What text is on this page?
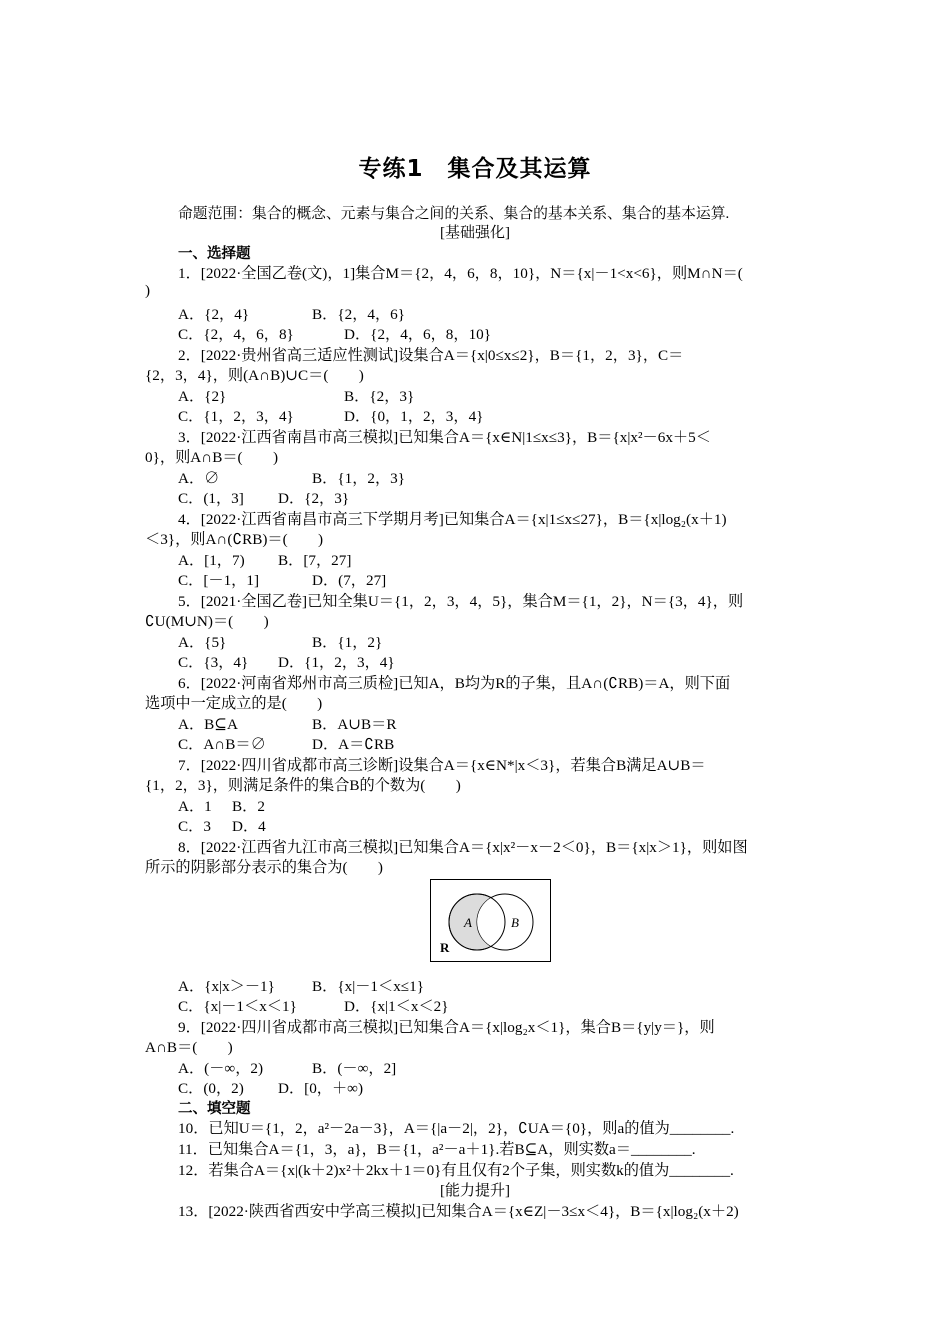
专练1　集合及其运算
命题范围：集合的概念、元素与集合之间的关系、集合的基本关系、集合的基本运算.
[基础强化]
一、选择题
1．[2022·全国乙卷(文)，1]集合M＝{2，4，6，8，10}，N＝{x|－1<x<6}，则M∩N＝(
)
A．{2，4}	B．{2，4，6}
C．{2，4，6，8}	D．{2，4，6，8，10}
2．[2022·贵州省高三适应性测试]设集合A＝{x|0≤x≤2}，B＝{1，2，3}，C＝
{2，3，4}，则(A∩B)∪C＝(　　)
A．{2}	B．{2，3}
C．{1，2，3，4}	D．{0，1，2，3，4}
3．[2022·江西省南昌市高三模拟]已知集合A＝{x∈N|1≤x≤3}，B＝{x|x²－6x＋5＜
0}，则A∩B＝(　　)
A．∅	B．{1，2，3}
C．(1，3] D．{2，3}
4．[2022·江西省南昌市高三下学期月考]已知集合A＝{x|1≤x≤27}，B＝{x|log₂(x＋1)
＜3}，则A∩(∁RB)＝(　　)
A．[1，7) B．[7，27]
C．[－1，1]	D．(7，27]
5．[2021·全国乙卷]已知全集U＝{1，2，3，4，5}，集合M＝{1，2}，N＝{3，4}，则
∁U(M∪N)＝(　　)
A．{5}	B．{1，2}
C．{3，4} D．{1，2，3，4}
6．[2022·河南省郑州市高三质检]已知A，B均为R的子集，且A∩(∁RB)＝A，则下面
选项中一定成立的是(　　)
A．B⊆A	B．A∪B＝R
C．A∩B＝∅	D．A＝∁RB
7．[2022·四川省成都市高三诊断]设集合A＝{x∈N*|x＜3}，若集合B满足A∪B＝
{1，2，3}，则满足条件的集合B的个数为(　　)
A．1 B．2
C．3 D．4
8．[2022·江西省九江市高三模拟]已知集合A＝{x|x²－x－2＜0}，B＝{x|x＞1}，则如图
所示的阴影部分表示的集合为(　　)
A	B
R
A．{x|x＞－1} B．{x|－1＜x≤1}
C．{x|－1＜x＜1}	D．{x|1＜x＜2}
9．[2022·四川省成都市高三模拟]已知集合A＝{x|log₂x＜1}，集合B＝{y|y＝}，则
A∩B＝(　　)
A．(－∞，2)	B．(－∞，2]
C．(0，2) D．[0，＋∞)
二、填空题
10．已知U＝{1，2，a²－2a－3}，A＝{|a－2|，2}，∁UA＝{0}，则a的值为________.
11．已知集合A＝{1，3，a}，B＝{1，a²－a＋1}.若B⊆A，则实数a＝________.
12．若集合A＝{x|(k＋2)x²＋2kx＋1＝0}有且仅有2个子集，则实数k的值为________.
[能力提升]
13．[2022·陕西省西安中学高三模拟]已知集合A＝{x∈Z|－3≤x＜4}，B＝{x|log₂(x＋2)
